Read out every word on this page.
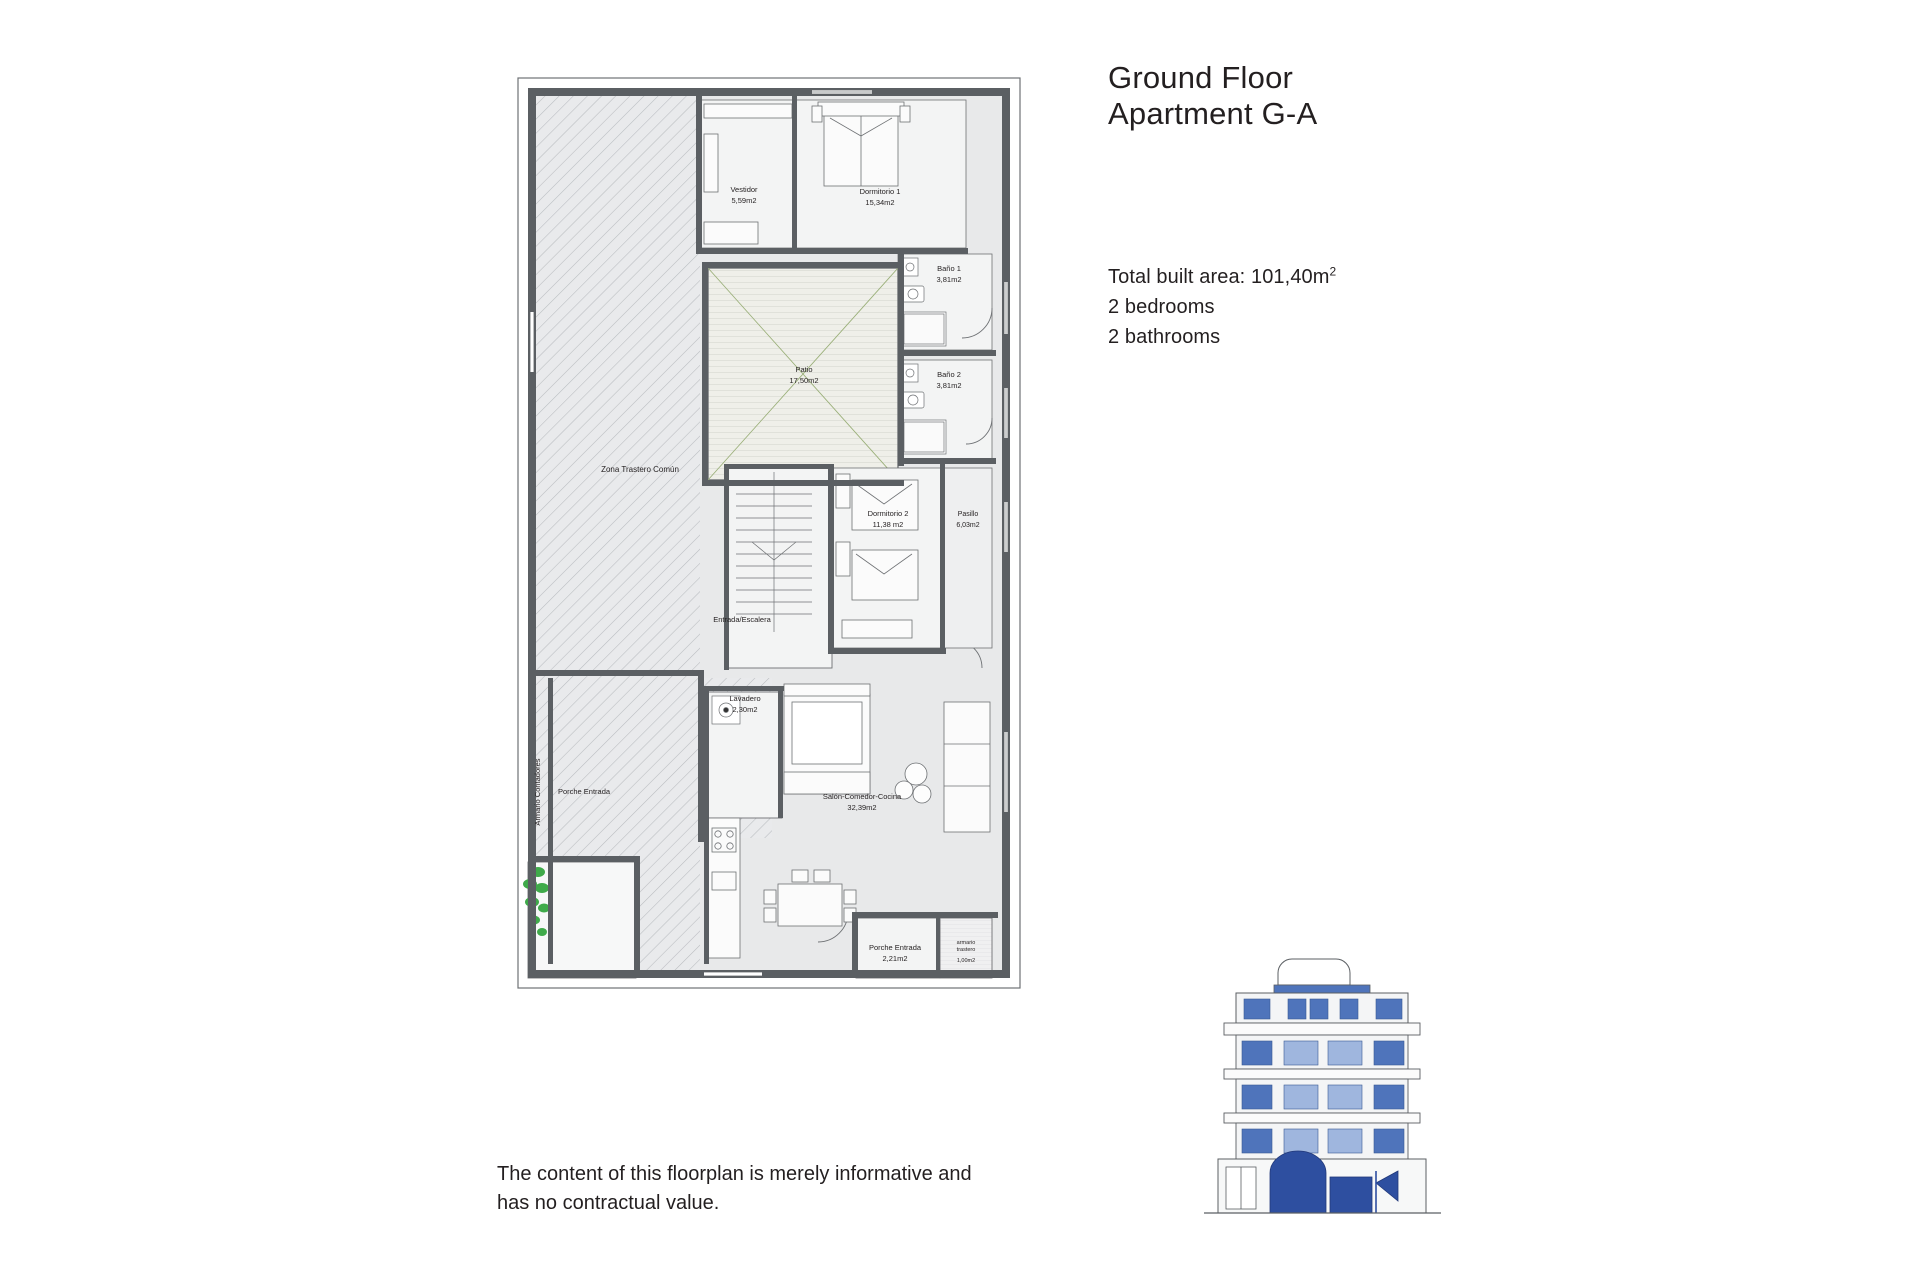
Ground Floor
Apartment G-A
Total built area: $101,40m^2$
2 bedrooms
2 bathrooms
The content of this floorplan is merely informative and
has no contractual value.
Vestidor
5,59m2
Dormitorio 1
15,34m2
Baño 1
3,81m2
Baño 2
3,81m2
Patio
17,50m2
Dormitorio 2
11,38 m2
Pasillo
6,03m2
Zona Trastero Común
Entrada/Escalera
Lavadero
2,30m2
Salón-Comedor-Cocina
32,39m2
Porche Entrada
2,21m2
armario
trastero
1,00m2
Porche Entrada
Armario Contadores
